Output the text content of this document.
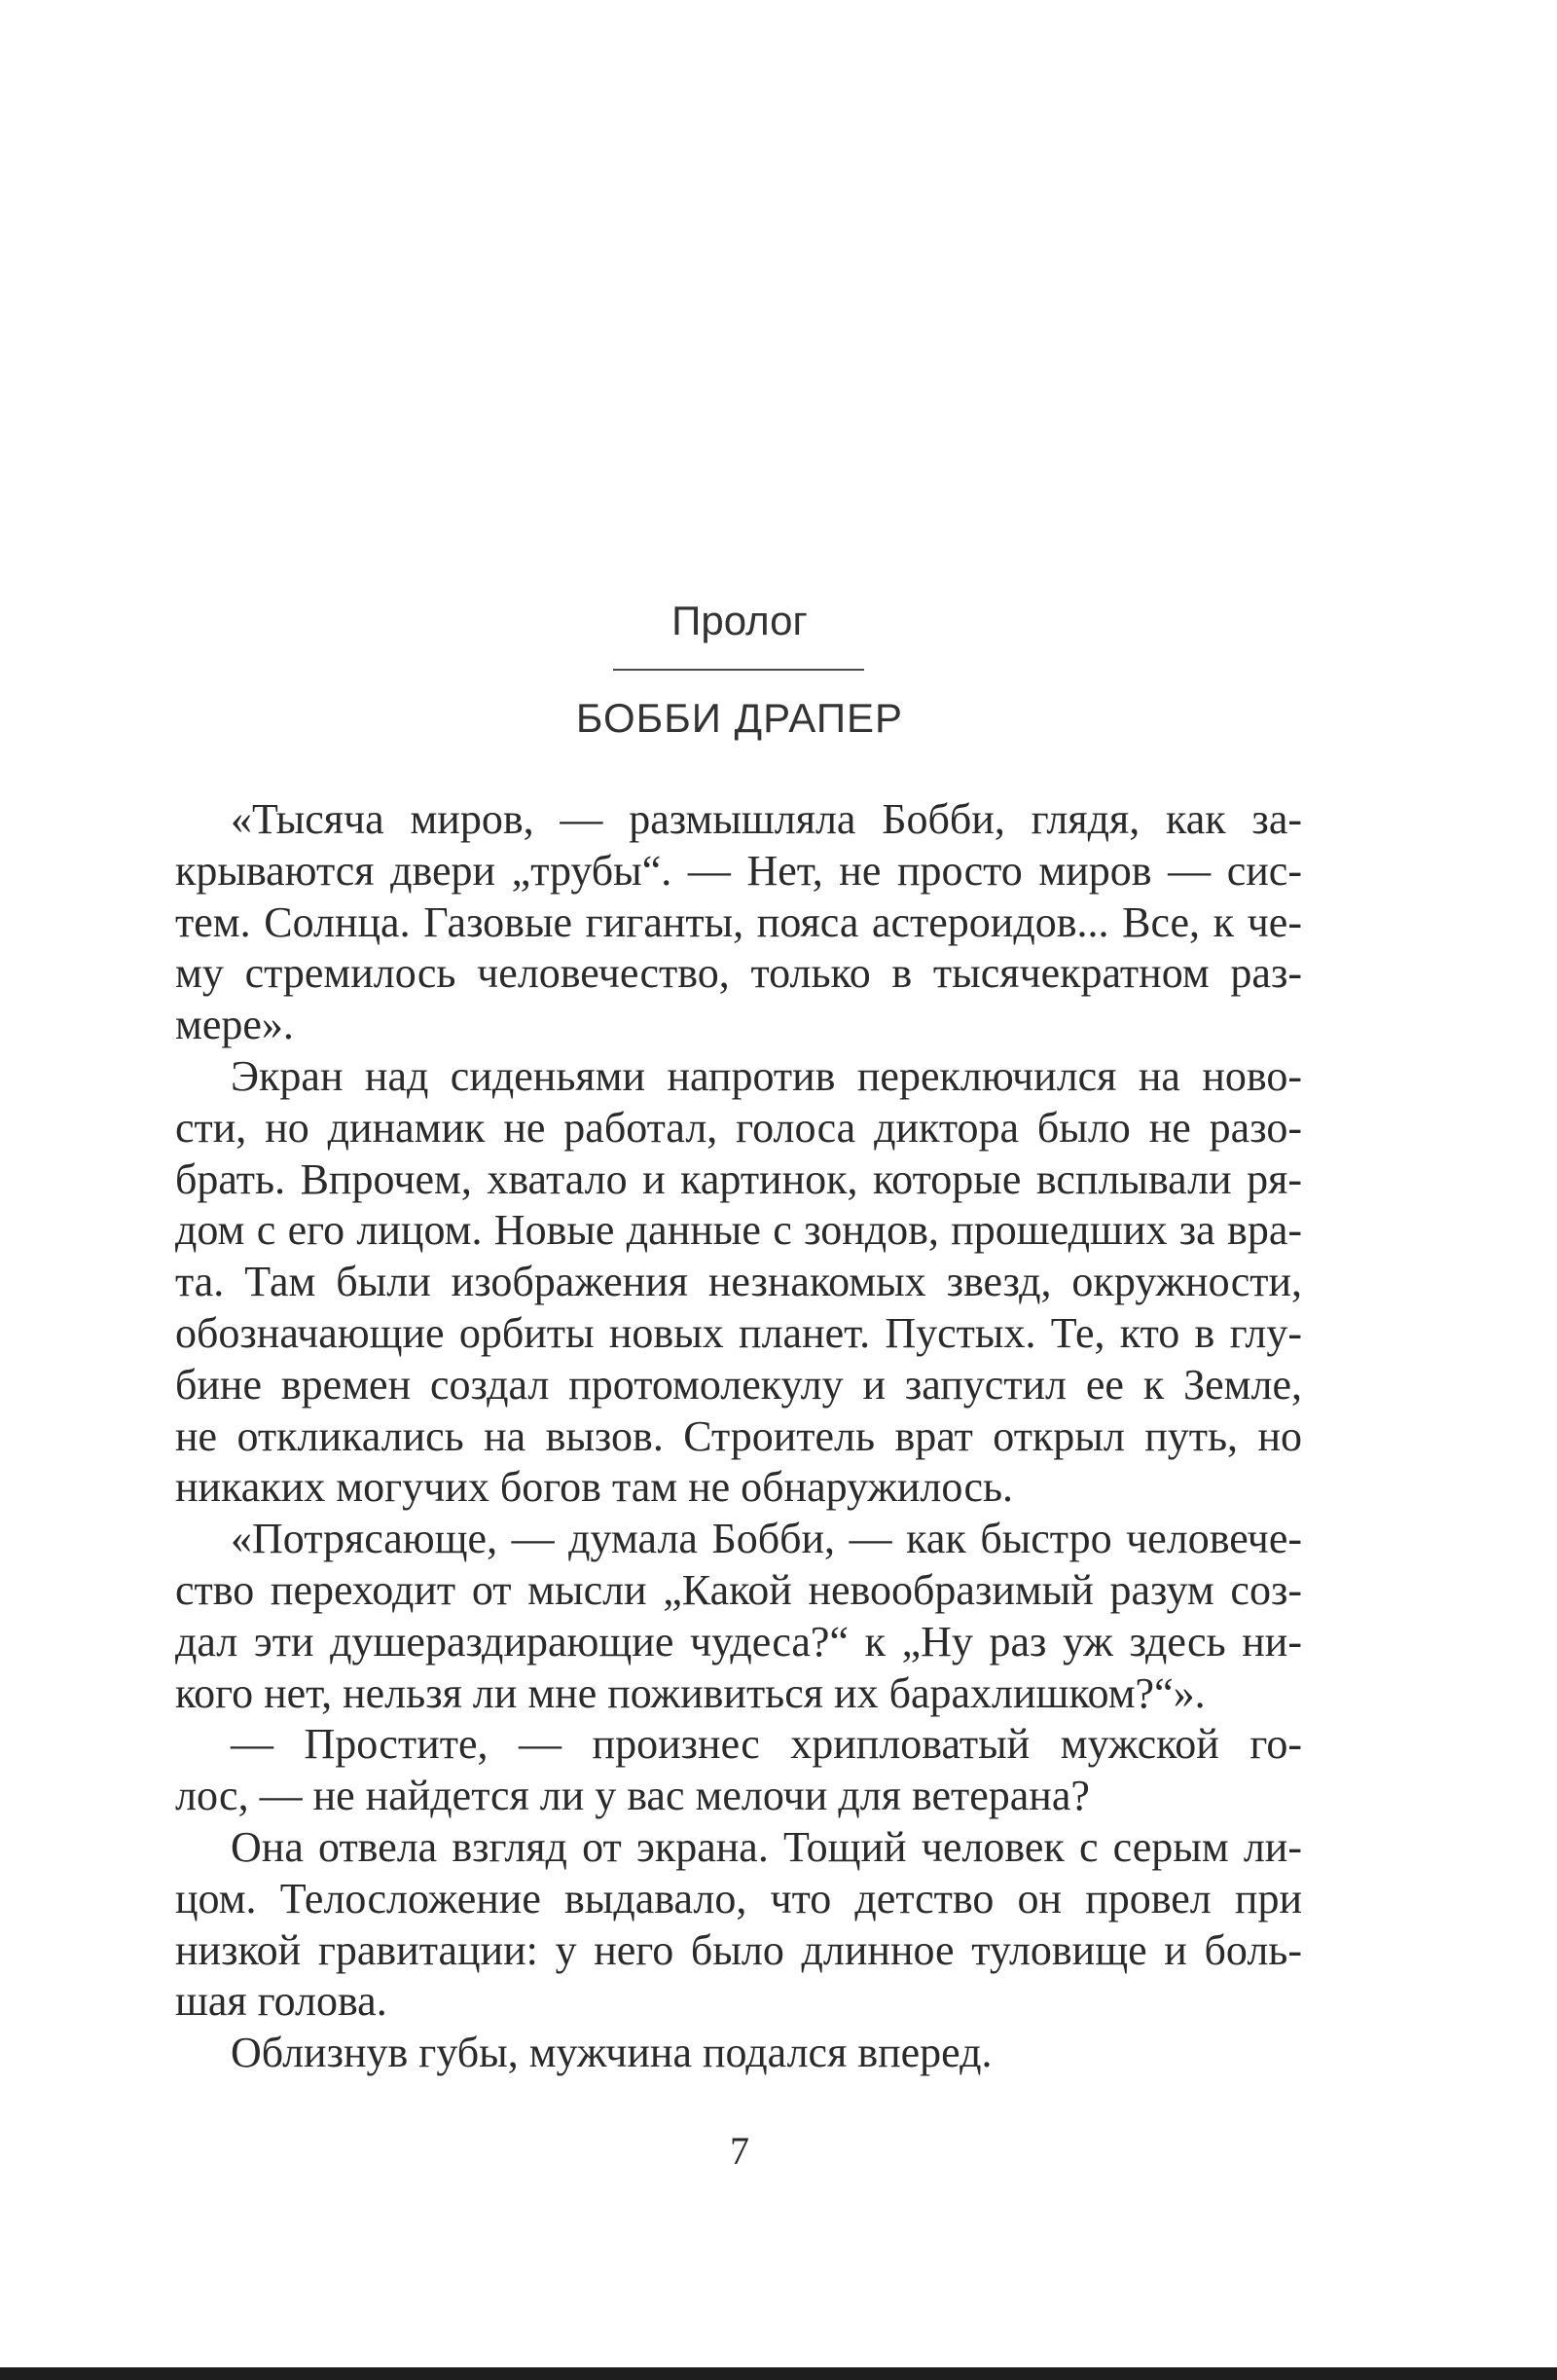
Пролог
БОББИ ДРАПЕР
«Тысяча миров, — размышляла Бобби, глядя, как за-
крываются двери „трубы“. — Нет, не просто миров — сис-
тем. Солнца. Газовые гиганты, пояса астероидов... Все, к че-
му стремилось человечество, только в тысячекратном раз-
мере».
Экран над сиденьями напротив переключился на ново-
сти, но динамик не работал, голоса диктора было не разо-
брать. Впрочем, хватало и картинок, которые всплывали ря-
дом с его лицом. Новые данные с зондов, прошедших за вра-
та. Там были изображения незнакомых звезд, окружности,
обозначающие орбиты новых планет. Пустых. Те, кто в глу-
бине времен создал протомолекулу и запустил ее к Земле,
не откликались на вызов. Строитель врат открыл путь, но
никаких могучих богов там не обнаружилось.
«Потрясающе, — думала Бобби, — как быстро человече-
ство переходит от мысли „Какой невообразимый разум соз-
дал эти душераздирающие чудеса?“ к „Ну раз уж здесь ни-
кого нет, нельзя ли мне поживиться их барахлишком?“».
— Простите, — произнес хрипловатый мужской го-
лос, — не найдется ли у вас мелочи для ветерана?
Она отвела взгляд от экрана. Тощий человек с серым ли-
цом. Телосложение выдавало, что детство он провел при
низкой гравитации: у него было длинное туловище и боль-
шая голова.
Облизнув губы, мужчина подался вперед.
7
